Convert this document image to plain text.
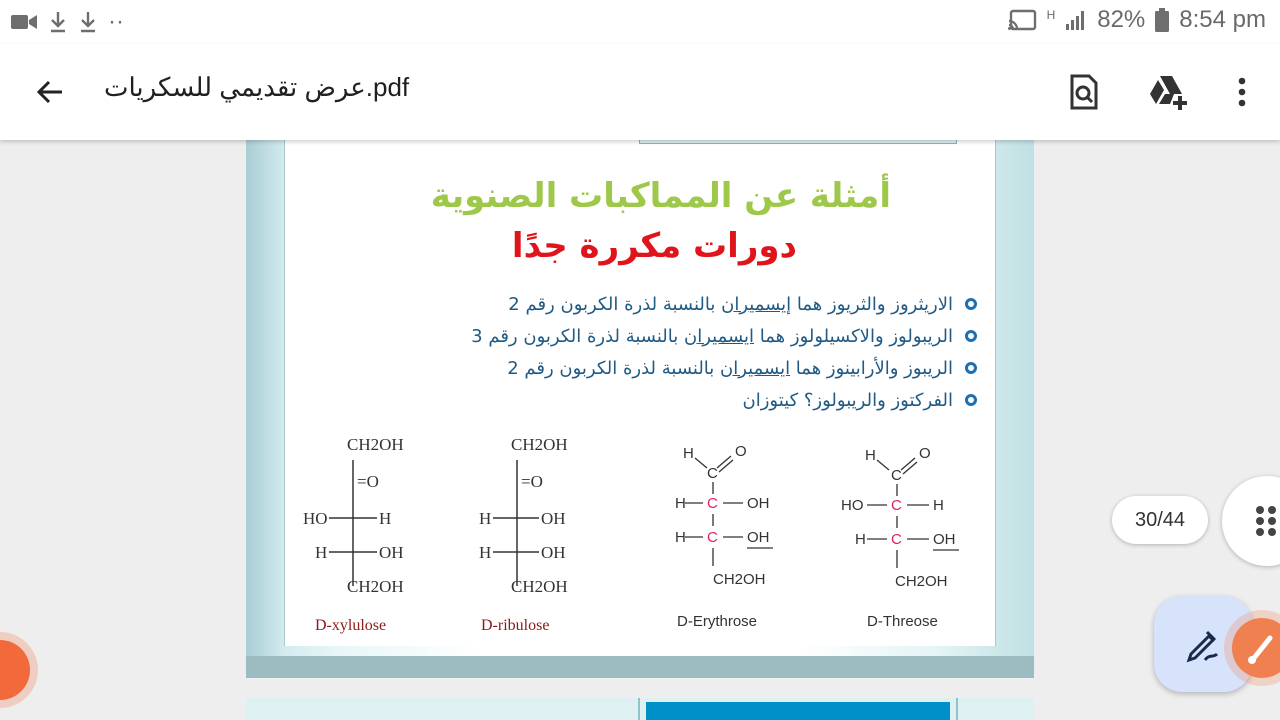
··	H 82% 8:54 pm
عرض تقديمي للسكريات.pdf
أمثلة عن المماكبات الصنوية
دورات مكررة جدًا
الاريثروز والثريوز هما إيسميران بالنسبة لذرة الكربون رقم 2
الريبولوز والاكسيلولوز هما ايسميران بالنسبة لذرة الكربون رقم 3
الريبوز والأرابينوز هما ايسميران بالنسبة لذرة الكربون رقم 2
الفركتوز والريبولوز؟ كيتوزان
CH2OH
=O
HO	H
H	OH
CH2OH
D-xylulose
CH2OH
=O
H	OH
H	OH
CH2OH
D-ribulose
H
C
O
H C OH
H C OH
CH2OH
D-Erythrose
H
C
O
HO C H
H C OH
CH2OH
D-Threose
30/44
